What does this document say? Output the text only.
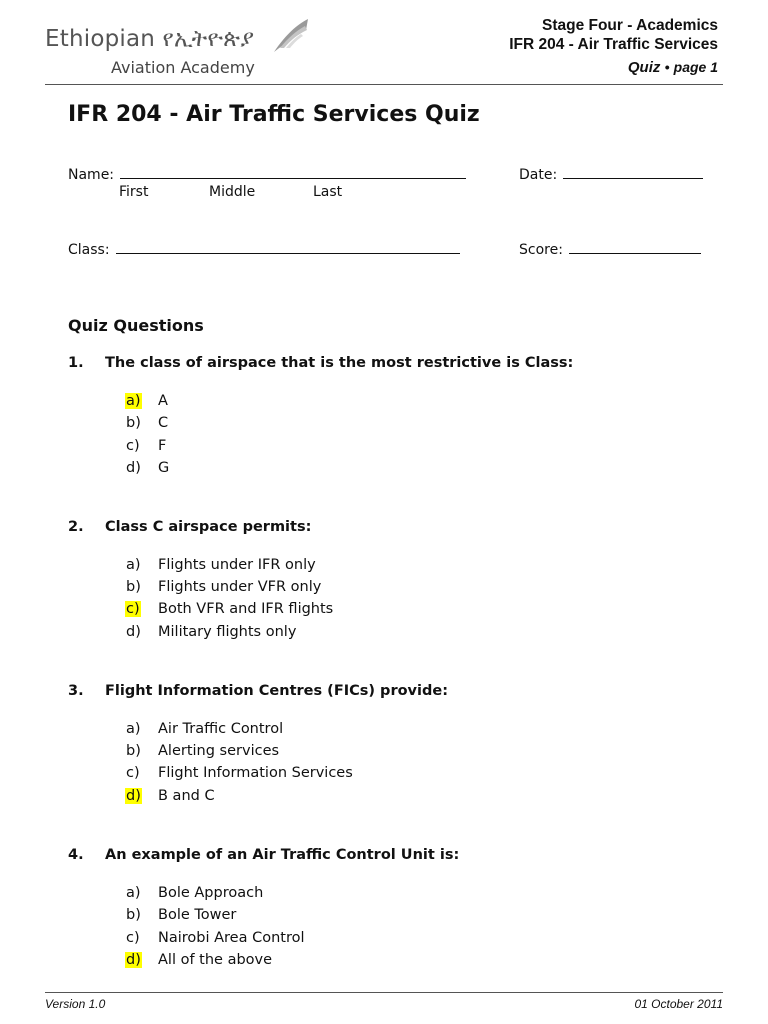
Ethiopian የኢትዮጵያ
Aviation Academy
Stage Four - Academics
IFR 204 - Air Traffic Services
Quiz • page 1
IFR 204 - Air Traffic Services Quiz
Name:
First	Middle	Last
Date:
Class:	Score:
Quiz Questions
1. The class of airspace that is the most restrictive is Class:
a) A
b) C
c) F
d) G
2. Class C airspace permits:
a) Flights under IFR only
b) Flights under VFR only
c) Both VFR and IFR flights
d) Military flights only
3. Flight Information Centres (FICs) provide:
a) Air Traffic Control
b) Alerting services
c) Flight Information Services
d) B and C
4. An example of an Air Traffic Control Unit is:
a) Bole Approach
b) Bole Tower
c) Nairobi Area Control
d) All of the above
Version 1.0	01 October 2011
